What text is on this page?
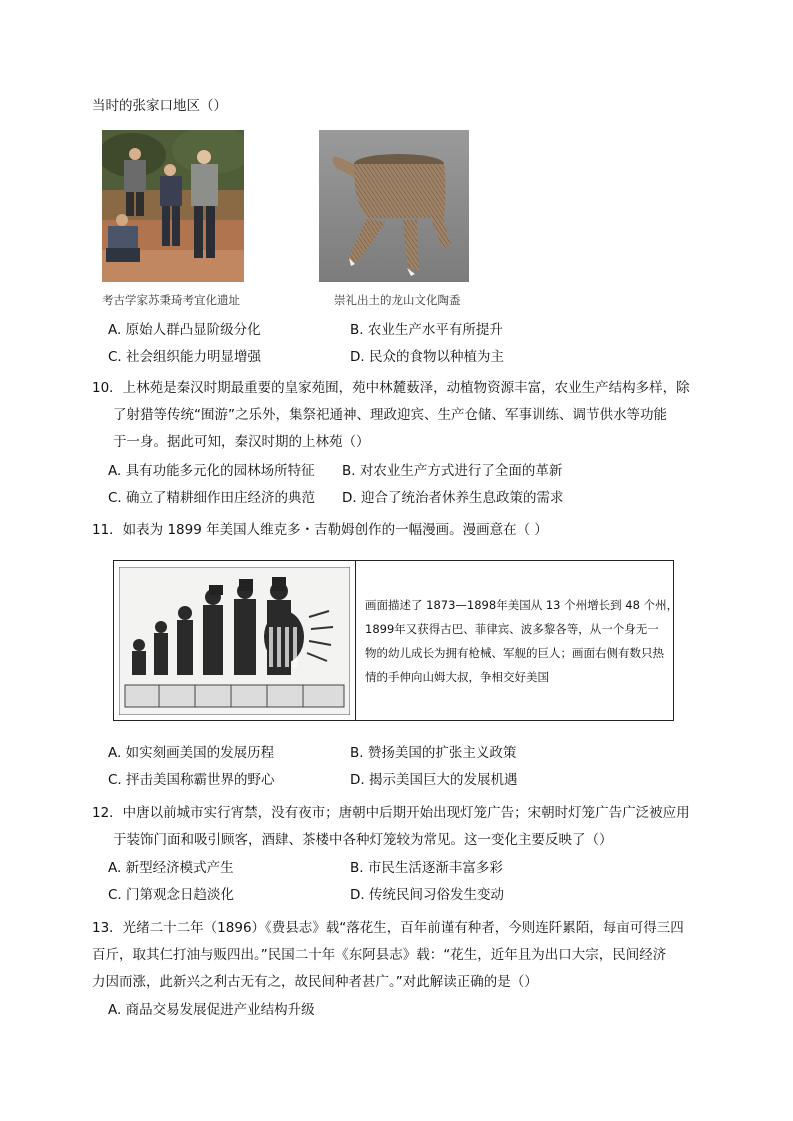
当时的张家口地区（）
考古学家苏秉琦考宜化遗址	崇礼出土的龙山文化陶盉
A. 原始人群凸显阶级分化	B. 农业生产水平有所提升
C. 社会组织能力明显增强	D. 民众的食物以种植为主
10．上林苑是秦汉时期最重要的皇家苑囿，苑中林麓薮泽，动植物资源丰富，农业生产结构多样，除
了射猎等传统“囿游”之乐外，集祭祀通神、理政迎宾、生产仓储、军事训练、调节供水等功能
于一身。据此可知，秦汉时期的上林苑（）
A. 具有功能多元化的园林场所特征 B. 对农业生产方式进行了全面的革新
C. 确立了精耕细作田庄经济的典范 D. 迎合了统治者休养生息政策的需求
11．如表为 1899 年美国人维克多・吉勒姆创作的一幅漫画。漫画意在（ ）
画面描述了 1873—1898年美国从 13 个州增长到 48 个州，
1899年又获得古巴、菲律宾、波多黎各等，从一个身无一
物的幼儿成长为拥有枪械、军舰的巨人；画面右侧有数只热
情的手伸向山姆大叔，争相交好美国
A. 如实刻画美国的发展历程	B. 赞扬美国的扩张主义政策
C. 抨击美国称霸世界的野心	D. 揭示美国巨大的发展机遇
12．中唐以前城市实行宵禁，没有夜市；唐朝中后期开始出现灯笼广告；宋朝时灯笼广告广泛被应用
于装饰门面和吸引顾客，酒肆、茶楼中各种灯笼较为常见。这一变化主要反映了（）
A. 新型经济模式产生	B. 市民生活逐渐丰富多彩
C. 门第观念日趋淡化	D. 传统民间习俗发生变动
13．光绪二十二年（1896）《费县志》载“落花生，百年前谨有种者，今则连阡累陌，每亩可得三四
百斤，取其仁打油与贩四出。”民国二十年《东阿县志》载：“花生，近年且为出口大宗，民间经济
力因而涨，此新兴之利古无有之，故民间种者甚广。”对此解读正确的是（）
A. 商品交易发展促进产业结构升级
